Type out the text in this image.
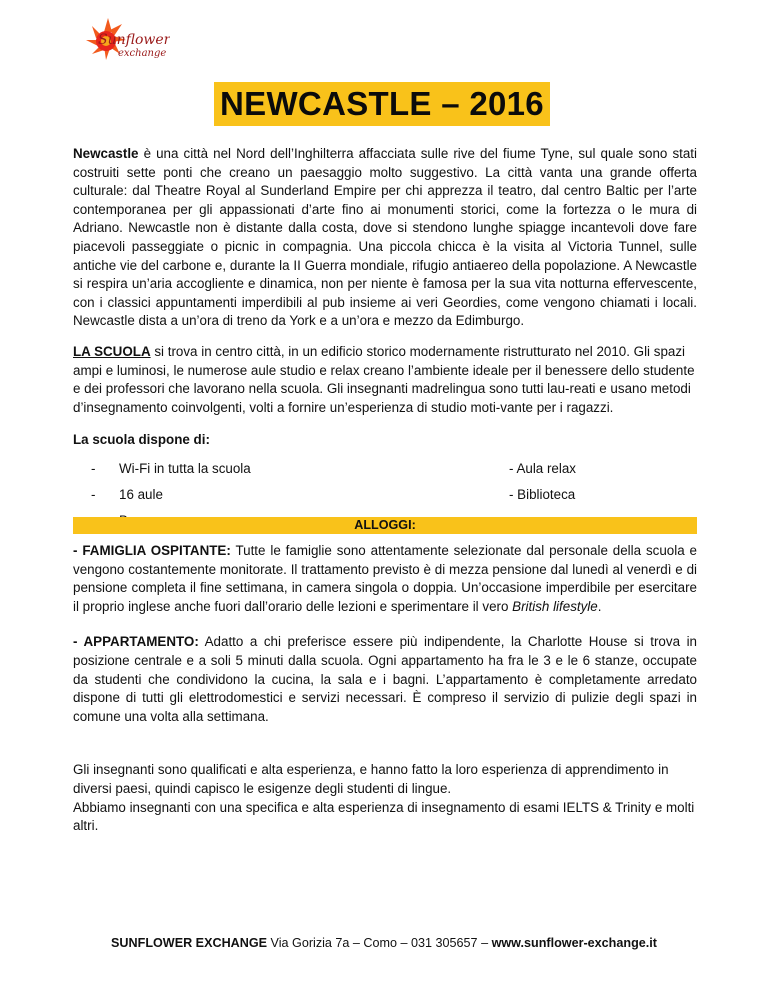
Sunflower
exchange
NEWCASTLE – 2016

Newcastle è una città nel Nord dell’Inghilterra affacciata sulle rive del fiume Tyne, sul quale sono stati costruiti sette ponti che creano un paesaggio molto suggestivo. La città vanta una grande offerta culturale: dal Theatre Royal al Sunderland Empire per chi apprezza il teatro, dal centro Baltic per l’arte contemporanea per gli appassionati d’arte fino ai monumenti storici, come la fortezza o le mura di Adriano. Newcastle non è distante dalla costa, dove si stendono lunghe spiagge incantevoli dove fare piacevoli passeggiate o picnic in compagnia. Una piccola chicca è la visita al Victoria Tunnel, sulle antiche vie del carbone e, durante la II Guerra mondiale, rifugio antiaereo della popolazione. A Newcastle si respira un’aria accogliente e dinamica, non per niente è famosa per la sua vita notturna effervescente, con i classici appuntamenti imperdibili al pub insieme ai veri Geordies, come vengono chiamati i locali. Newcastle dista a un’ora di treno da York e a un’ora e mezzo da Edimburgo.

LA SCUOLA si trova in centro città, in un edificio storico modernamente ristrutturato nel 2010. Gli spazi ampi e luminosi, le numerose aule studio e relax creano l’ambiente ideale per il benessere dello studente e dei professori che lavorano nella scuola. Gli insegnanti madrelingua sono tutti lau-reati e usano metodi d’insegnamento coinvolgenti, volti a fornire un’esperienza di studio moti-vante per i ragazzi.

La scuola dispone di:
- Wi-Fi in tutta la scuola	- Aula relax
- 16 aule	- Biblioteca
ALLOGGI:

- FAMIGLIA OSPITANTE: Tutte le famiglie sono attentamente selezionate dal personale della scuola e vengono costantemente monitorate. Il trattamento previsto è di mezza pensione dal lunedì al venerdì e di pensione completa il fine settimana, in camera singola o doppia. Un’occasione imperdibile per esercitare il proprio inglese anche fuori dall’orario delle lezioni e sperimentare il vero British lifestyle.

- APPARTAMENTO: Adatto a chi preferisce essere più indipendente, la Charlotte House si trova in posizione centrale e a soli 5 minuti dalla scuola. Ogni appartamento ha fra le 3 e le 6 stanze, occupate da studenti che condividono la cucina, la sala e i bagni. L’appartamento è completamente arredato dispone di tutti gli elettrodomestici e servizi necessari. È compreso il servizio di pulizie degli spazi in comune una volta alla settimana.

Gli insegnanti sono qualificati e alta esperienza, e hanno fatto la loro esperienza di apprendimento in diversi paesi, quindi capisco le esigenze degli studenti di lingue.

Abbiamo insegnanti con una specifica e alta esperienza di insegnamento di esami IELTS & Trinity e molti altri.

SUNFLOWER EXCHANGE Via Gorizia 7a – Como – 031 305657 – www.sunflower-exchange.it
